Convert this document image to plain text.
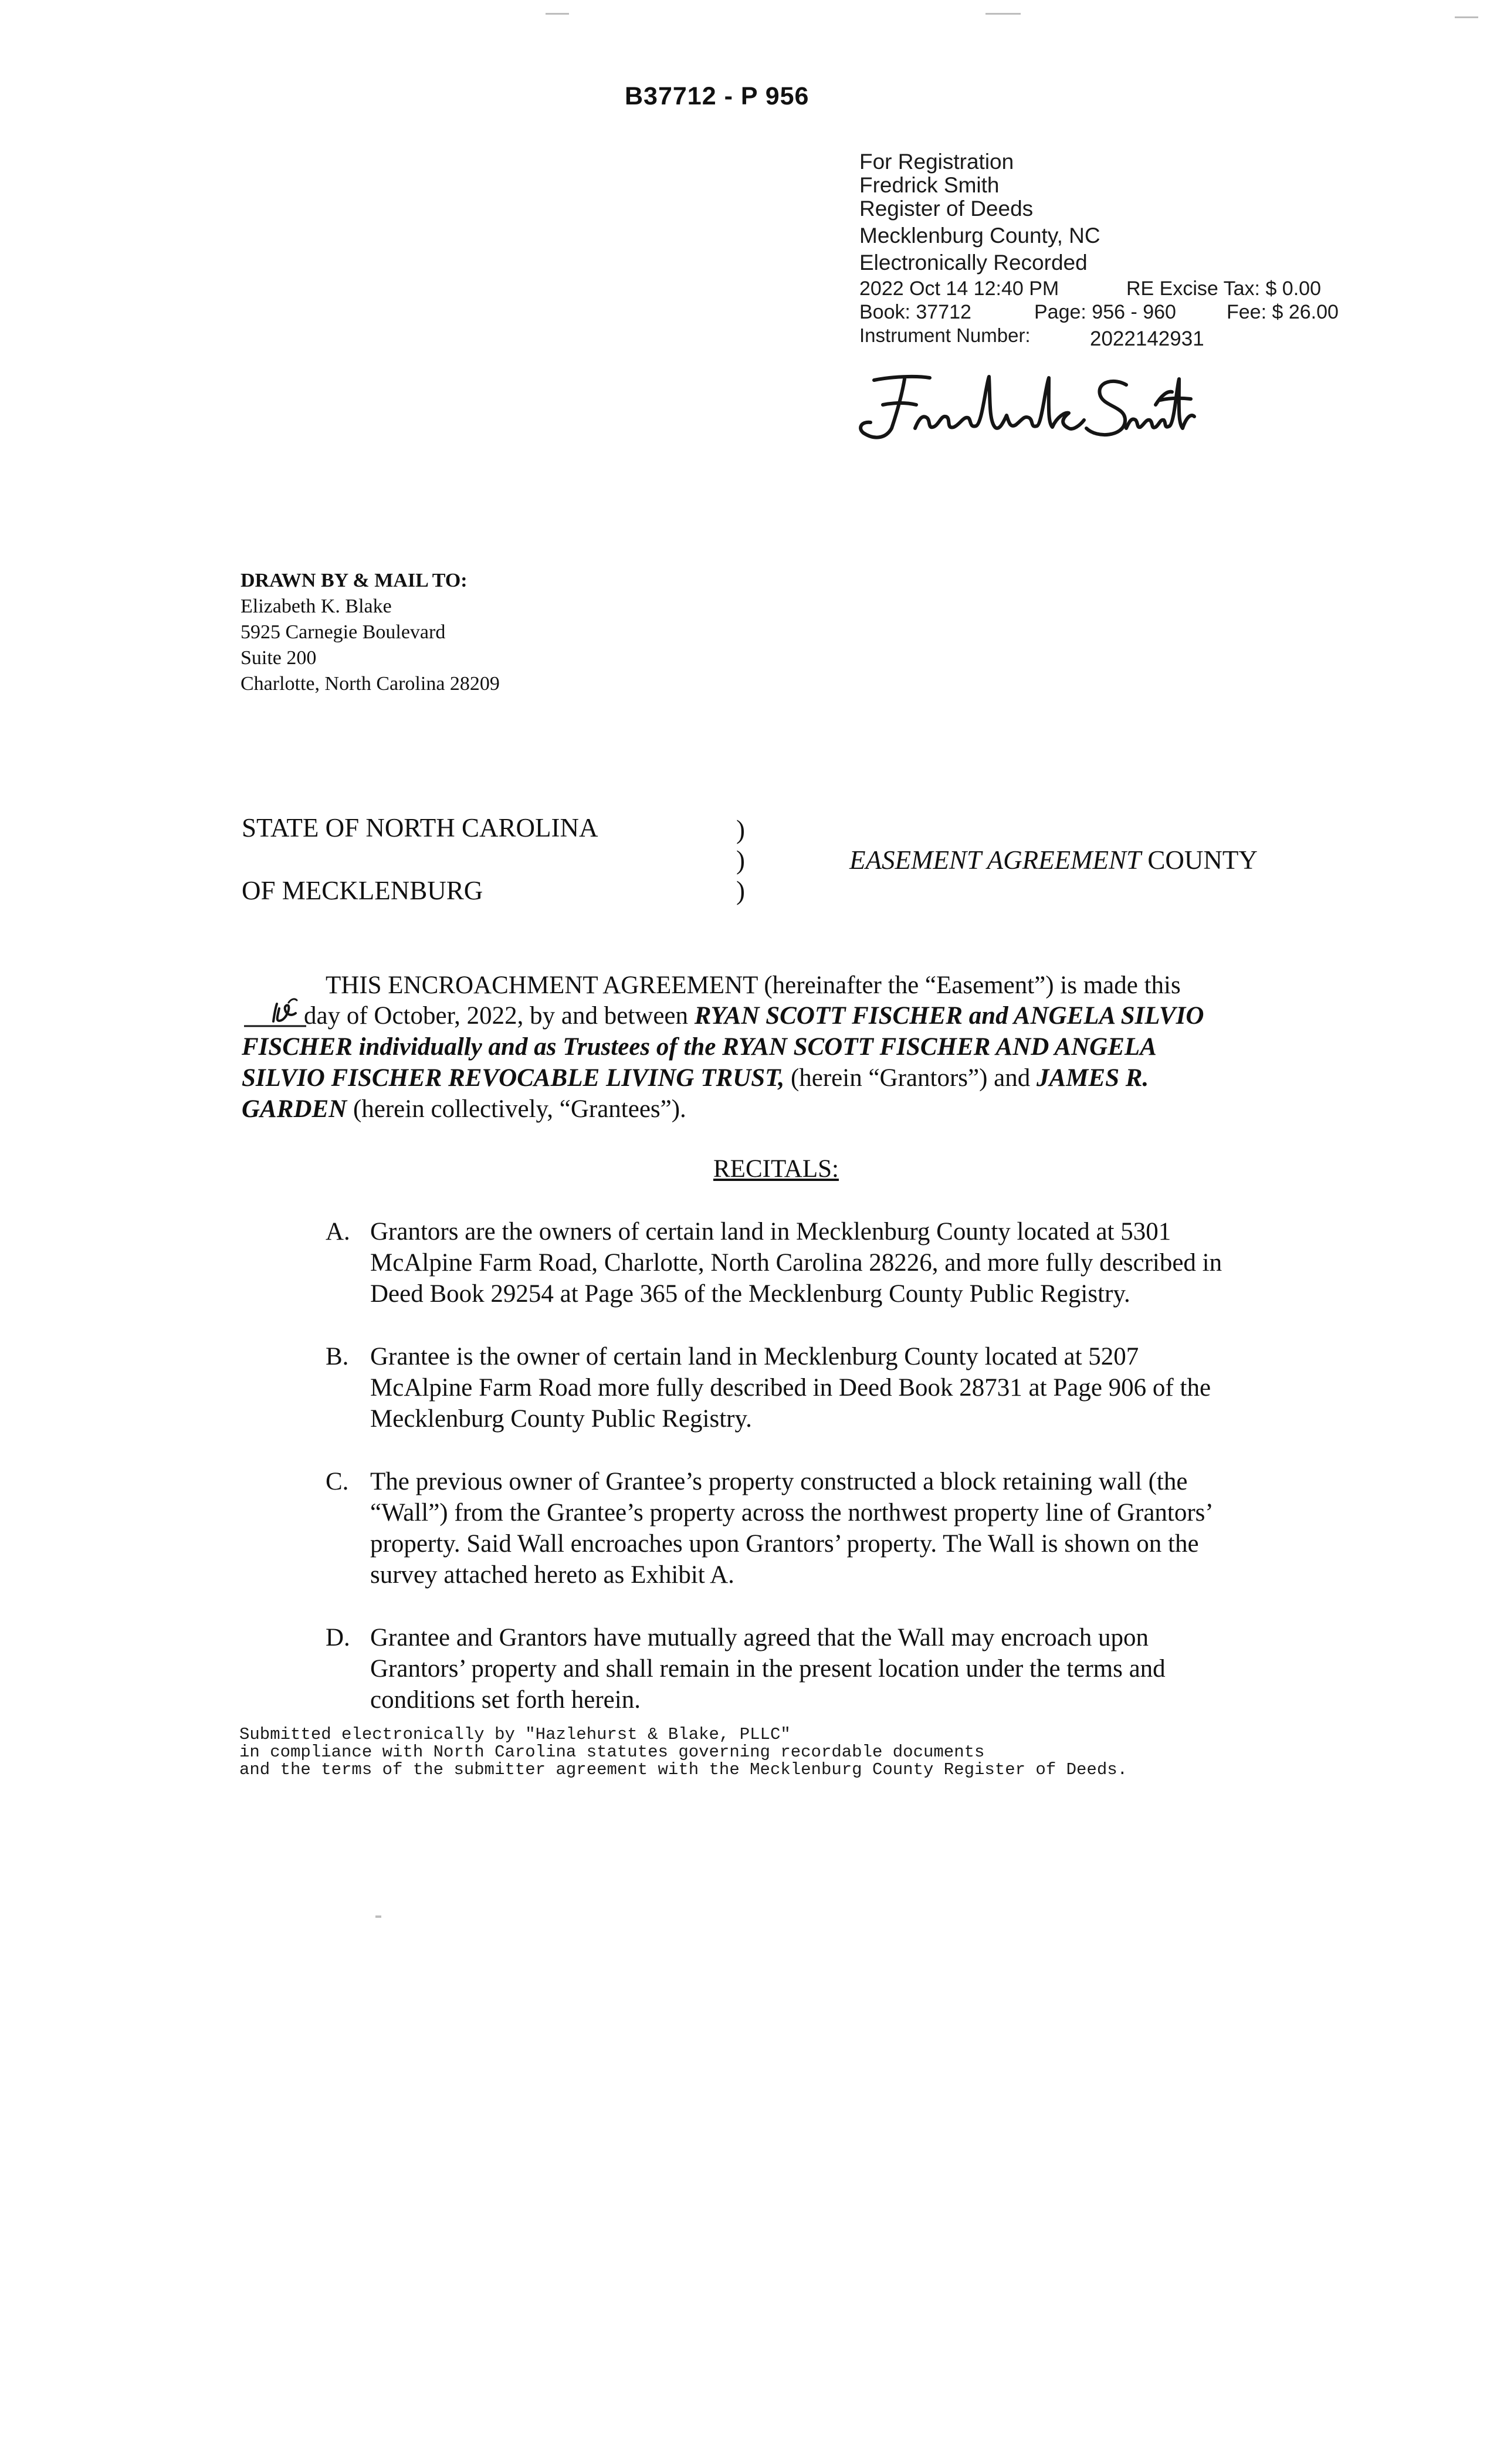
B37712 - P 956
For Registration
Fredrick Smith
Register of Deeds
Mecklenburg County, NC
Electronically Recorded
2022 Oct 14 12:40 PM	RE Excise Tax: $ 0.00
Book: 37712	Page: 956 - 960	Fee: $ 26.00
Instrument Number:	2022142931
DRAWN BY & MAIL TO:
Elizabeth K. Blake
5925 Carnegie Boulevard
Suite 200
Charlotte, North Carolina 28209
STATE OF NORTH CAROLINA
OF MECKLENBURG
)
)
)
EASEMENT AGREEMENT COUNTY
THIS ENCROACHMENT AGREEMENT (hereinafter the “Easement”) is made this
day of October, 2022, by and between RYAN SCOTT FISCHER and ANGELA SILVIO
FISCHER individually and as Trustees of the RYAN SCOTT FISCHER AND ANGELA
SILVIO FISCHER REVOCABLE LIVING TRUST, (herein “Grantors”) and JAMES R.
GARDEN (herein collectively, “Grantees”).
RECITALS:
A. Grantors are the owners of certain land in Mecklenburg County located at 5301
McAlpine Farm Road, Charlotte, North Carolina 28226, and more fully described in
Deed Book 29254 at Page 365 of the Mecklenburg County Public Registry.
B. Grantee is the owner of certain land in Mecklenburg County located at 5207
McAlpine Farm Road more fully described in Deed Book 28731 at Page 906 of the
Mecklenburg County Public Registry.
C. The previous owner of Grantee’s property constructed a block retaining wall (the
“Wall”) from the Grantee’s property across the northwest property line of Grantors’
property. Said Wall encroaches upon Grantors’ property. The Wall is shown on the
survey attached hereto as Exhibit A.
D. Grantee and Grantors have mutually agreed that the Wall may encroach upon
Grantors’ property and shall remain in the present location under the terms and
conditions set forth herein.
Submitted electronically by "Hazlehurst & Blake, PLLC"
in compliance with North Carolina statutes governing recordable documents
and the terms of the submitter agreement with the Mecklenburg County Register of Deeds.
